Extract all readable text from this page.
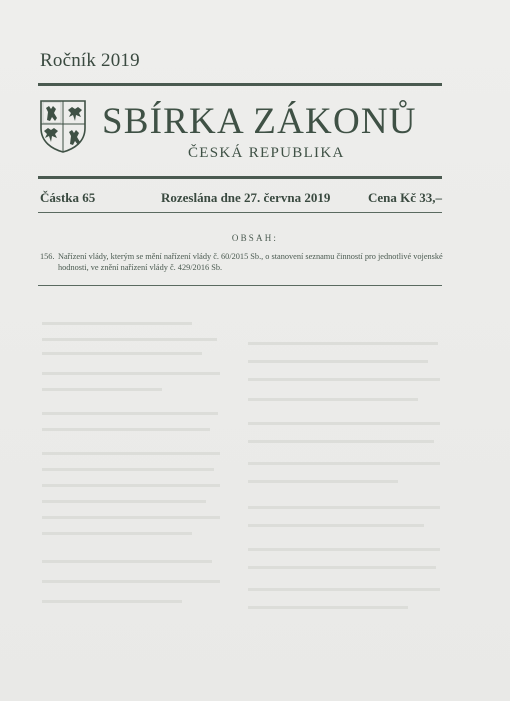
Ročník 2019
SBÍRKA ZÁKONŮ
ČESKÁ REPUBLIKA
Částka 65	Rozeslána dne 27. června 2019	Cena Kč 33,–
OBSAH:
156. Nařízení vlády, kterým se mění nařízení vlády č. 60/2015 Sb., o stanovení seznamu činností pro jednotlivé vojenské hodnosti, ve znění nařízení vlády č. 429/2016 Sb.
